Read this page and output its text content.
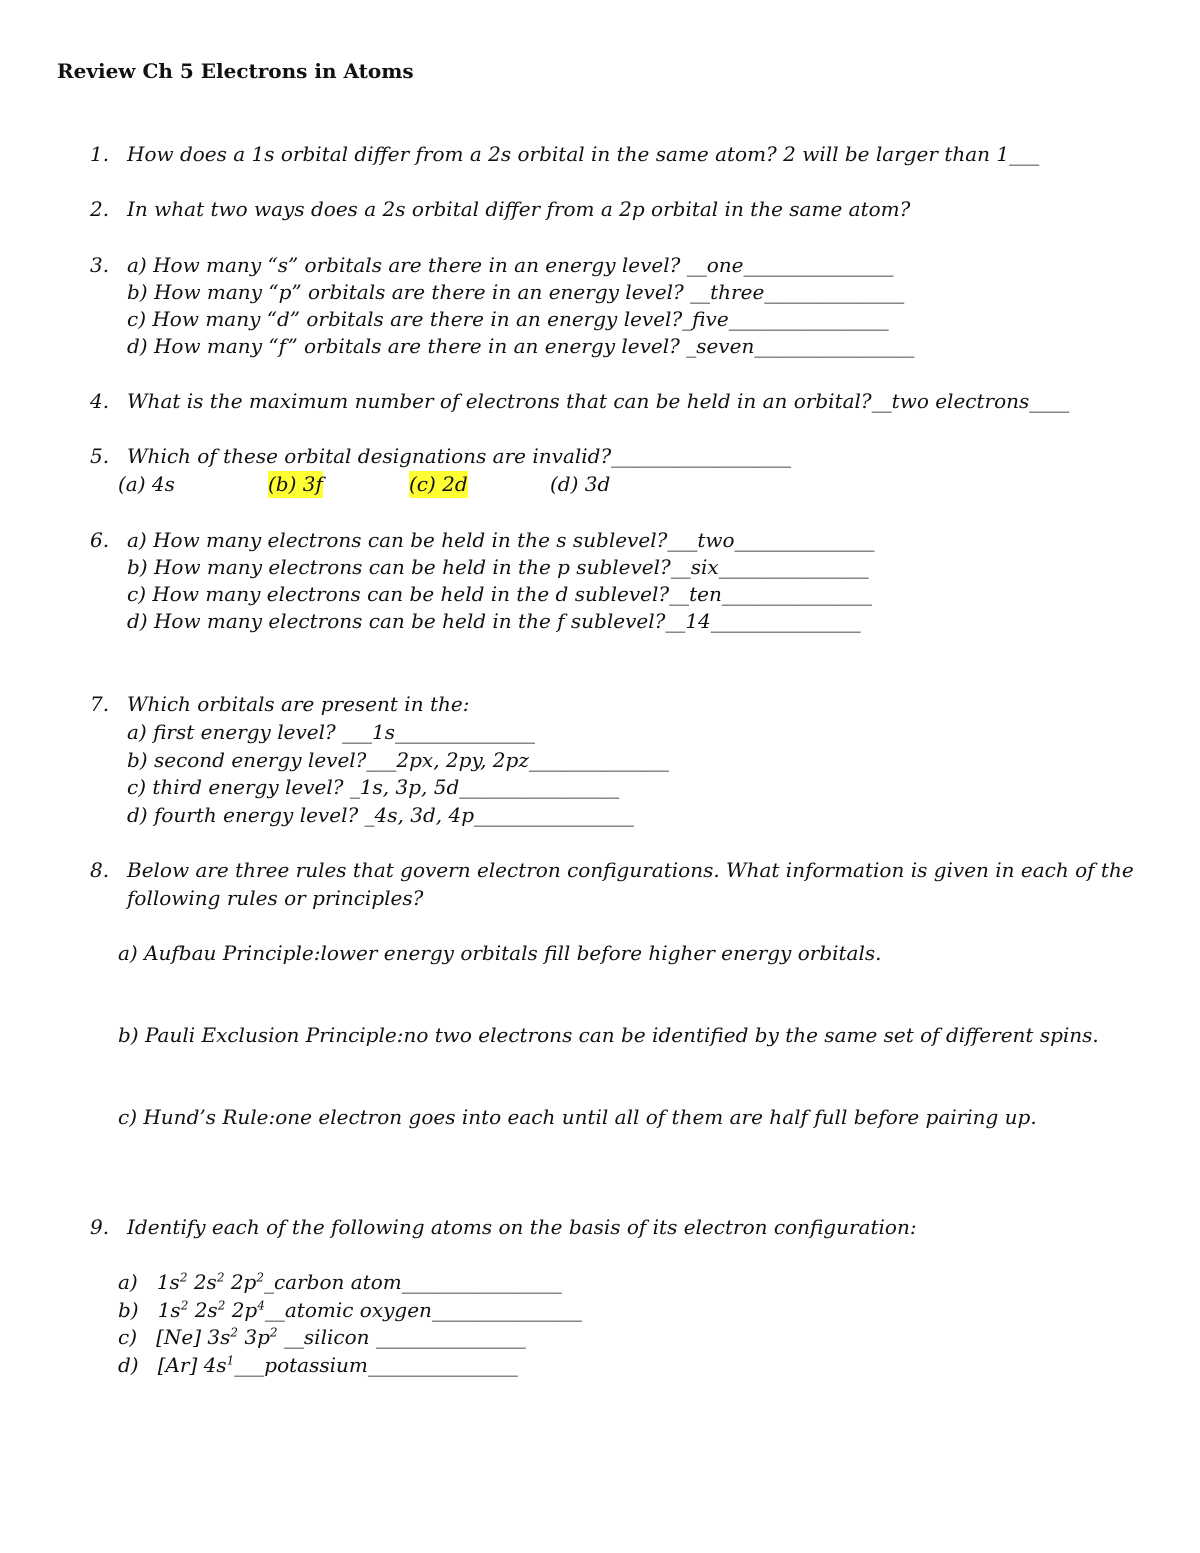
Review Ch 5 Electrons in Atoms
1. How does a 1s orbital differ from a 2s orbital in the same atom? 2 will be larger than 1___
2. In what two ways does a 2s orbital differ from a 2p orbital in the same atom?
3. a) How many “s” orbitals are there in an energy level? __one_______________
b) How many “p” orbitals are there in an energy level? __three______________
c) How many “d” orbitals are there in an energy level?_five________________
d) How many “f” orbitals are there in an energy level? _seven________________
4. What is the maximum number of electrons that can be held in an orbital?__two electrons____
5. Which of these orbital designations are invalid?__________________
(a) 4s	(b) 3f	(c) 2d	(d) 3d
6. a) How many electrons can be held in the s sublevel?___two______________
b) How many electrons can be held in the p sublevel?__six_______________
c) How many electrons can be held in the d sublevel?__ten_______________
d) How many electrons can be held in the f sublevel?__14_______________
7. Which orbitals are present in the:
a) first energy level? ___1s______________
b) second energy level?___2px, 2py, 2pz______________
c) third energy level? _1s, 3p, 5d________________
d) fourth energy level? _4s, 3d, 4p________________
8. Below are three rules that govern electron configurations. What information is given in each of the
following rules or principles?
a) Aufbau Principle:lower energy orbitals fill before higher energy orbitals.
b) Pauli Exclusion Principle:no two electrons can be identified by the same set of different spins.
c) Hund’s Rule:one electron goes into each until all of them are half full before pairing up.
9. Identify each of the following atoms on the basis of its electron configuration:
a) $1s^2$ $2s^2$ $2p^2\_carbon$ atom________________
b) $1s^2$ $2s^2$ $2p^4\_\_atomic$ oxygen_______________
c) [Ne] $3s^2$ $3p^2$ __silicon _______________
d) [Ar] $4s^1\_\_\_potassium\_\_\_\_\_\_\_\_\_\_\_\_\_\_\_$
